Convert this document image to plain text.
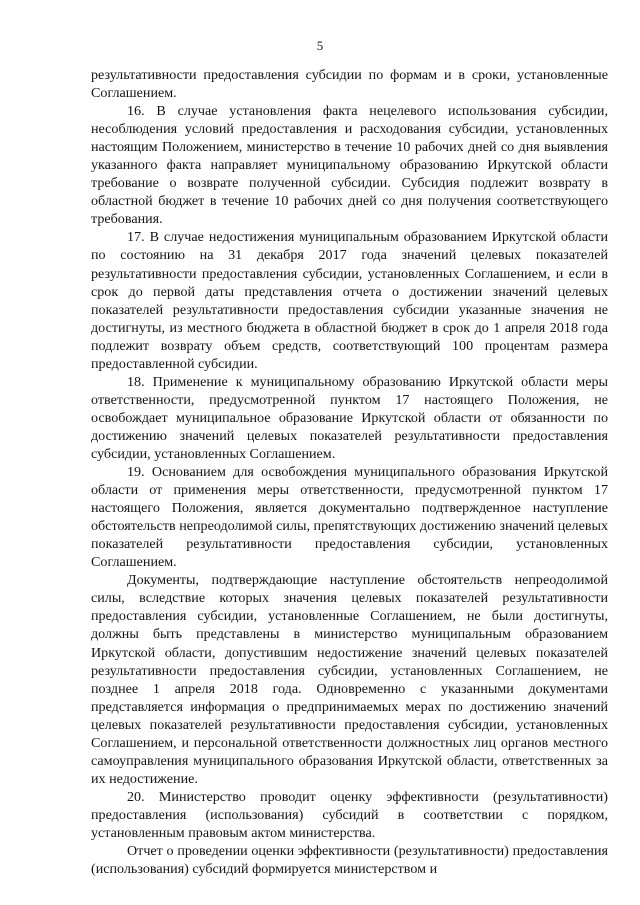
5

результативности предоставления субсидии по формам и в сроки, установленные Соглашением.

16. В случае установления факта нецелевого использования субсидии, несоблюдения условий предоставления и расходования субсидии, установленных настоящим Положением, министерство в течение 10 рабочих дней со дня выявления указанного факта направляет муниципальному образованию Иркутской области требование о возврате полученной субсидии. Субсидия подлежит возврату в областной бюджет в течение 10 рабочих дней со дня получения соответствующего требования.

17. В случае недостижения муниципальным образованием Иркутской области по состоянию на 31 декабря 2017 года значений целевых показателей результативности предоставления субсидии, установленных Соглашением, и если в срок до первой даты представления отчета о достижении значений целевых показателей результативности предоставления субсидии указанные значения не достигнуты, из местного бюджета в областной бюджет в срок до 1 апреля 2018 года подлежит возврату объем средств, соответствующий 100 процентам размера предоставленной субсидии.

18. Применение к муниципальному образованию Иркутской области меры ответственности, предусмотренной пунктом 17 настоящего Положения, не освобождает муниципальное образование Иркутской области от обязанности по достижению значений целевых показателей результативности предоставления субсидии, установленных Соглашением.

19. Основанием для освобождения муниципального образования Иркутской области от применения меры ответственности, предусмотренной пунктом 17 настоящего Положения, является документально подтвержденное наступление обстоятельств непреодолимой силы, препятствующих достижению значений целевых показателей результативности предоставления субсидии, установленных Соглашением.

Документы, подтверждающие наступление обстоятельств непреодолимой силы, вследствие которых значения целевых показателей результативности предоставления субсидии, установленные Соглашением, не были достигнуты, должны быть представлены в министерство муниципальным образованием Иркутской области, допустившим недостижение значений целевых показателей результативности предоставления субсидии, установленных Соглашением, не позднее 1 апреля 2018 года. Одновременно с указанными документами представляется информация о предпринимаемых мерах по достижению значений целевых показателей результативности предоставления субсидии, установленных Соглашением, и персональной ответственности должностных лиц органов местного самоуправления муниципального образования Иркутской области, ответственных за их недостижение.

20. Министерство проводит оценку эффективности (результативности) предоставления (использования) субсидий в соответствии с порядком, установленным правовым актом министерства.

Отчет о проведении оценки эффективности (результативности) предоставления (использования) субсидий формируется министерством и
